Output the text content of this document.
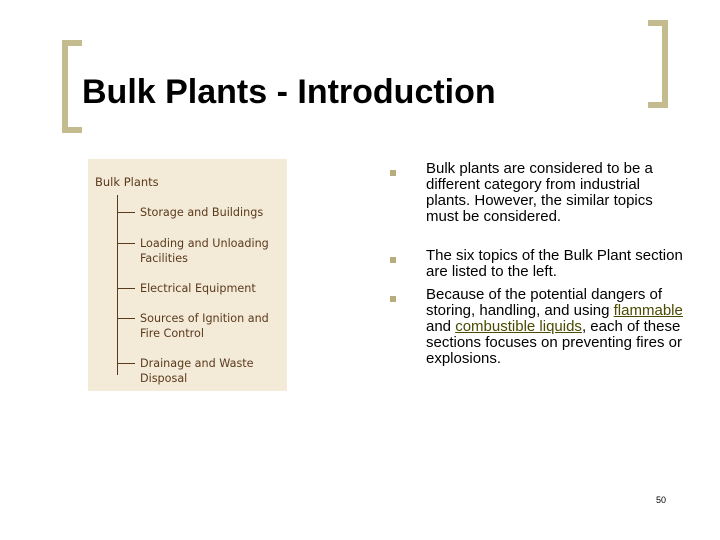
Bulk Plants - Introduction
Bulk Plants
Storage and Buildings
Loading and Unloading Facilities
Electrical Equipment
Sources of Ignition and Fire Control
Drainage and Waste Disposal
Bulk plants are considered to be a different category from industrial plants. However, the similar topics must be considered.
The six topics of the Bulk Plant section are listed to the left.
Because of the potential dangers of storing, handling, and using flammable and combustible liquids, each of these sections focuses on preventing fires or explosions.
50
